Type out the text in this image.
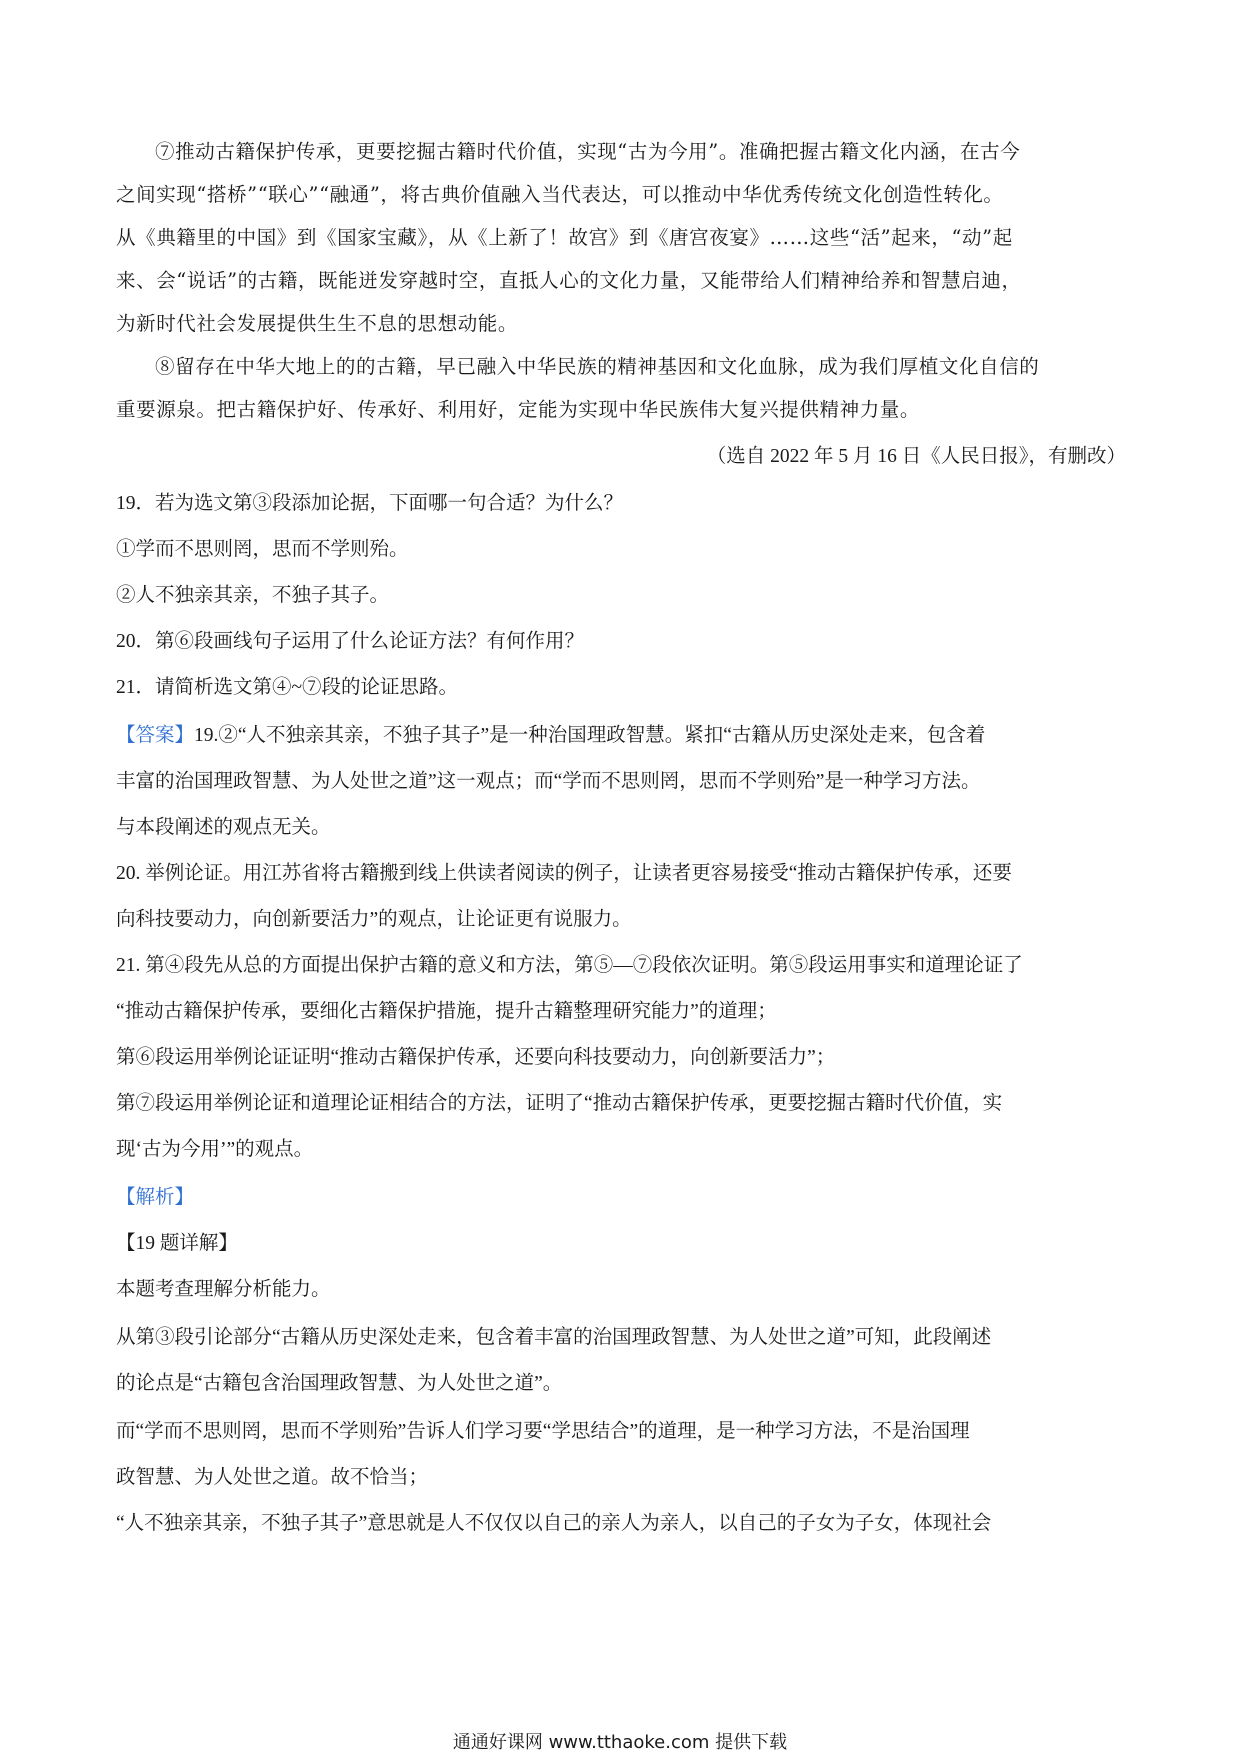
⑦推动古籍保护传承，更要挖掘古籍时代价值，实现“古为今用”。准确把握古籍文化内涵，在古今

之间实现“搭桥”“联心”“融通”，将古典价值融入当代表达，可以推动中华优秀传统文化创造性转化。

从《典籍里的中国》到《国家宝藏》，从《上新了！故宫》到《唐宫夜宴》……这些“活”起来，“动”起

来、会“说话”的古籍，既能迸发穿越时空，直抵人心的文化力量，又能带给人们精神给养和智慧启迪，

为新时代社会发展提供生生不息的思想动能。

⑧留存在中华大地上的的古籍，早已融入中华民族的精神基因和文化血脉，成为我们厚植文化自信的

重要源泉。把古籍保护好、传承好、利用好，定能为实现中华民族伟大复兴提供精神力量。

（选自 2022 年 5 月 16 日《人民日报》，有删改）

19．若为选文第③段添加论据，下面哪一句合适？为什么？

①学而不思则罔，思而不学则殆。

②人不独亲其亲，不独子其子。

20．第⑥段画线句子运用了什么论证方法？有何作用？

21．请简析选文第④~⑦段的论证思路。

【答案】19.②“人不独亲其亲，不独子其子”是一种治国理政智慧。紧扣“古籍从历史深处走来，包含着

丰富的治国理政智慧、为人处世之道”这一观点；而“学而不思则罔，思而不学则殆”是一种学习方法。

与本段阐述的观点无关。

20. 举例论证。用江苏省将古籍搬到线上供读者阅读的例子，让读者更容易接受“推动古籍保护传承，还要

向科技要动力，向创新要活力”的观点，让论证更有说服力。

21. 第④段先从总的方面提出保护古籍的意义和方法，第⑤—⑦段依次证明。第⑤段运用事实和道理论证了

“推动古籍保护传承，要细化古籍保护措施，提升古籍整理研究能力”的道理；

第⑥段运用举例论证证明“推动古籍保护传承，还要向科技要动力，向创新要活力”；

第⑦段运用举例论证和道理论证相结合的方法，证明了“推动古籍保护传承，更要挖掘古籍时代价值，实

现‘古为今用’”的观点。

【解析】

【19 题详解】

本题考查理解分析能力。

从第③段引论部分“古籍从历史深处走来，包含着丰富的治国理政智慧、为人处世之道”可知，此段阐述

的论点是“古籍包含治国理政智慧、为人处世之道”。

而“学而不思则罔，思而不学则殆”告诉人们学习要“学思结合”的道理，是一种学习方法，不是治国理

政智慧、为人处世之道。故不恰当；

“人不独亲其亲，不独子其子”意思就是人不仅仅以自己的亲人为亲人，以自己的子女为子女，体现社会

通通好课网 www.tthaoke.com 提供下载
